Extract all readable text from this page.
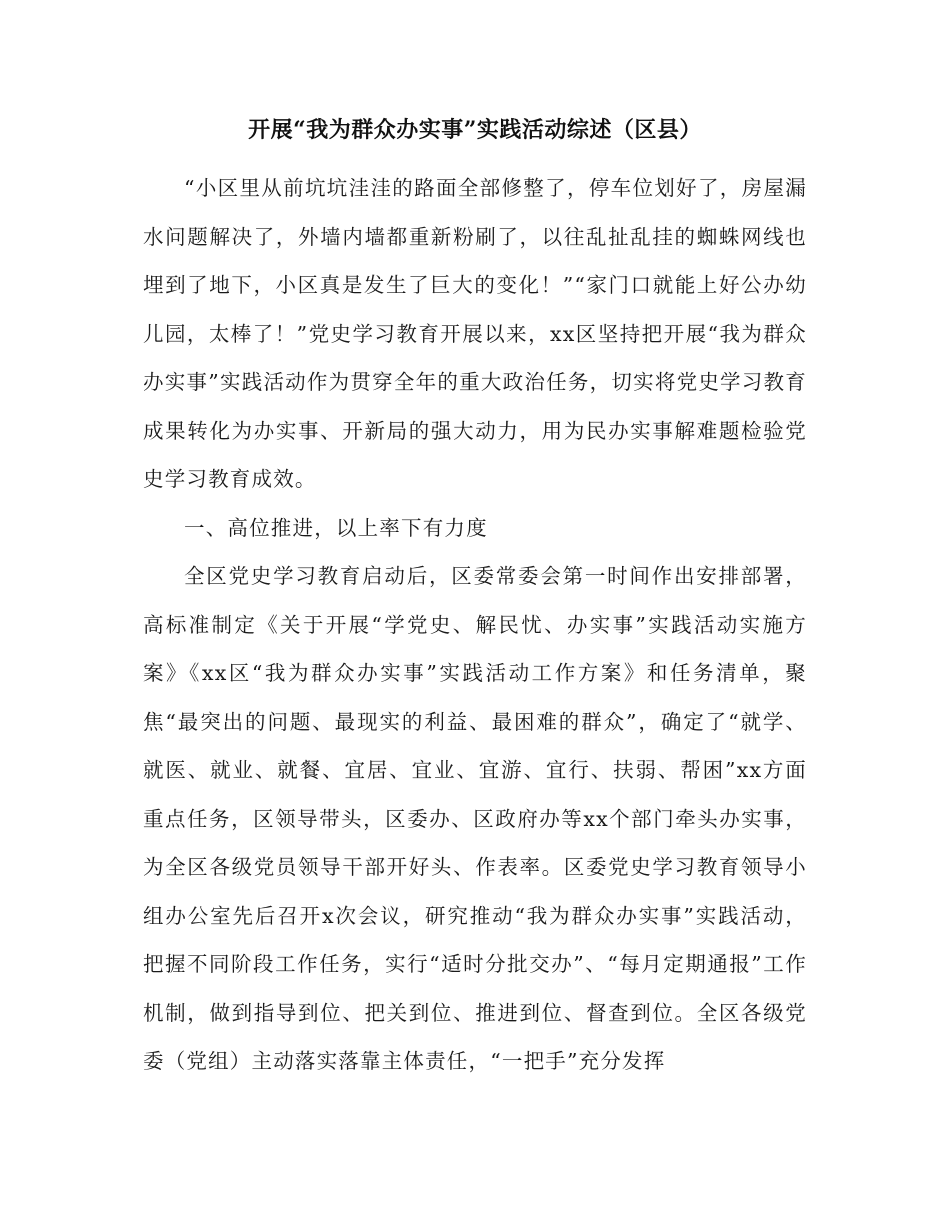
开展“我为群众办实事”实践活动综述（区县）

“小区里从前坑坑洼洼的路面全部修整了，停车位划好了，房屋漏水问题解决了，外墙内墙都重新粉刷了，以往乱扯乱挂的蜘蛛网线也埋到了地下，小区真是发生了巨大的变化！”“家门口就能上好公办幼儿园，太棒了！”党史学习教育开展以来，xx区坚持把开展“我为群众办实事”实践活动作为贯穿全年的重大政治任务，切实将党史学习教育成果转化为办实事、开新局的强大动力，用为民办实事解难题检验党史学习教育成效。

一、高位推进，以上率下有力度

全区党史学习教育启动后，区委常委会第一时间作出安排部署，高标准制定《关于开展“学党史、解民忧、办实事”实践活动实施方案》《xx区“我为群众办实事”实践活动工作方案》和任务清单，聚焦“最突出的问题、最现实的利益、最困难的群众”，确定了“就学、就医、就业、就餐、宜居、宜业、宜游、宜行、扶弱、帮困”xx方面重点任务，区领导带头，区委办、区政府办等xx个部门牵头办实事，为全区各级党员领导干部开好头、作表率。区委党史学习教育领导小组办公室先后召开x次会议，研究推动“我为群众办实事”实践活动，把握不同阶段工作任务，实行“适时分批交办”、“每月定期通报”工作机制，做到指导到位、把关到位、推进到位、督查到位。全区各级党委（党组）主动落实落靠主体责任，“一把手”充分发挥
